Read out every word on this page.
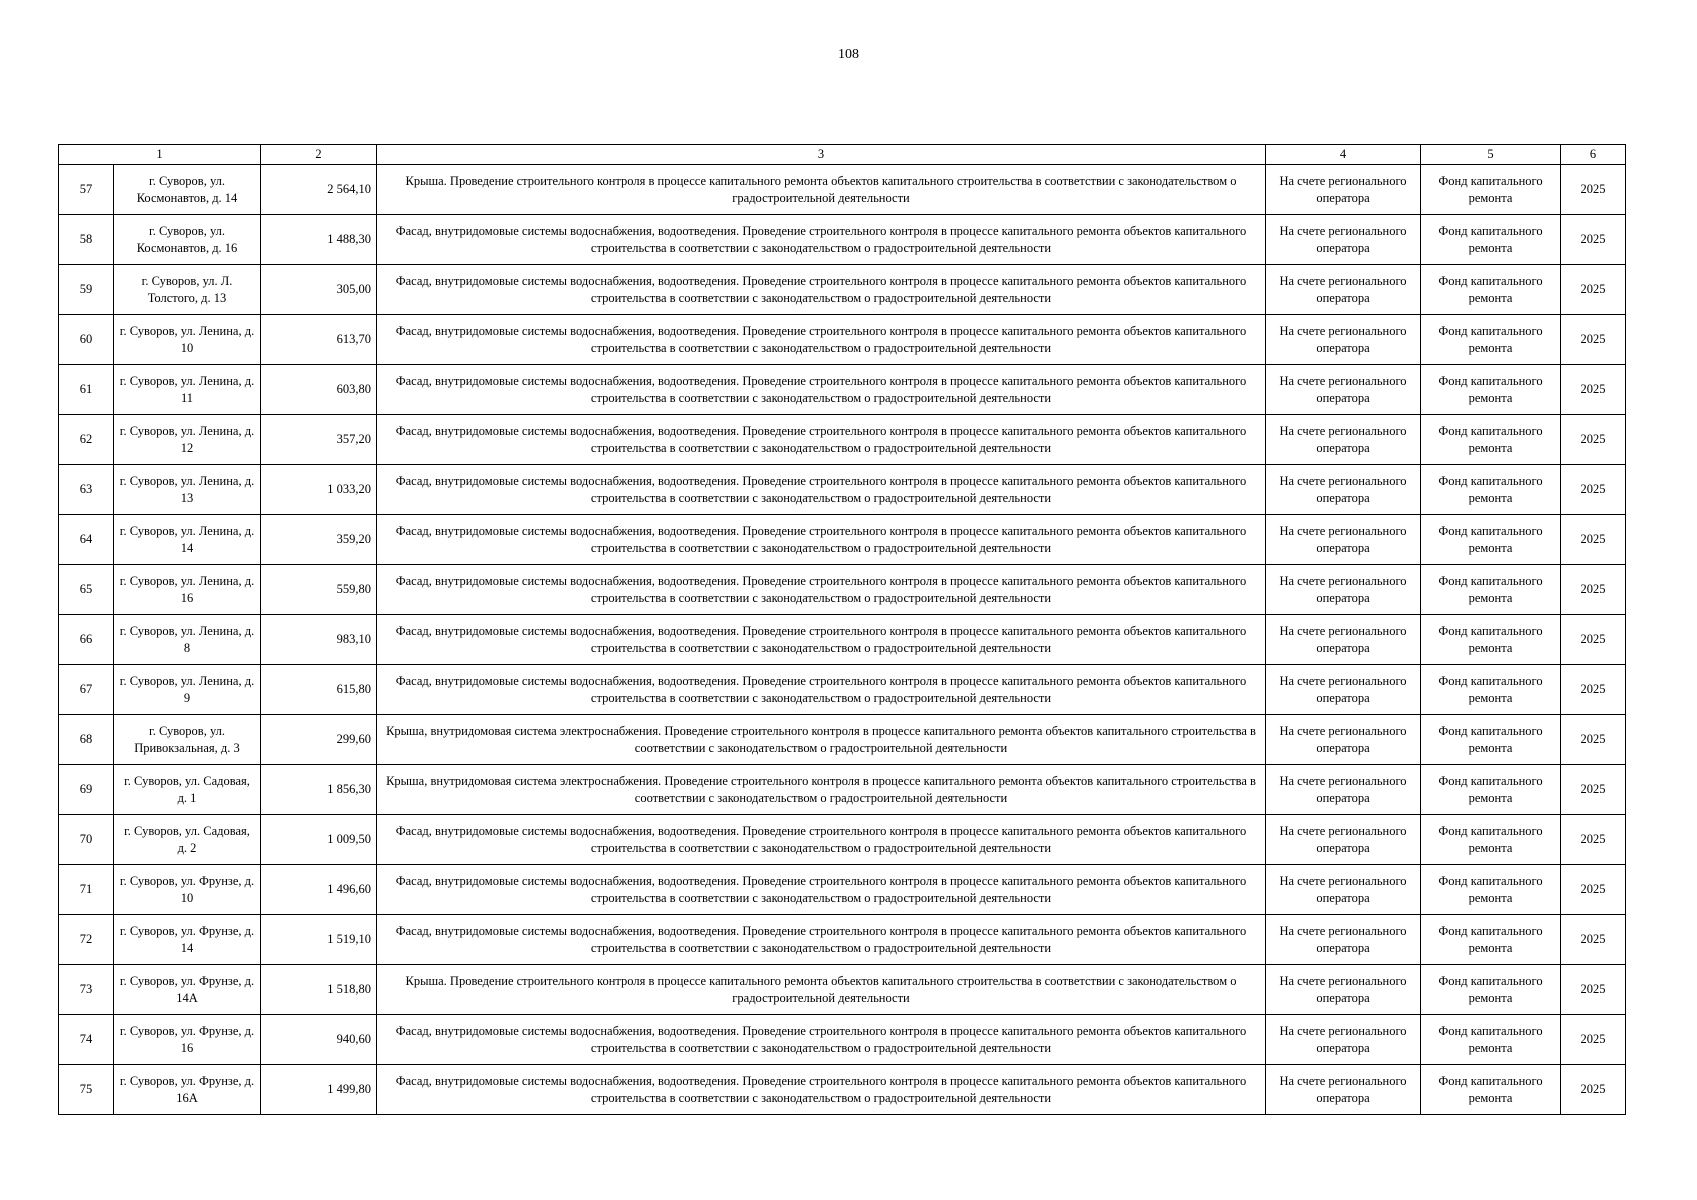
108
1		2	3	4	5	6
57	г. Суворов, ул. Космонавтов, д. 14	2 564,10	Крыша. Проведение строительного контроля в процессе капитального ремонта объектов капитального строительства в соответствии с законодательством о градостроительной деятельности	На счете регионального оператора	Фонд капитального ремонта	2025
58	г. Суворов, ул. Космонавтов, д. 16	1 488,30	Фасад, внутридомовые системы водоснабжения, водоотведения. Проведение строительного контроля в процессе капитального ремонта объектов капитального строительства в соответствии с законодательством о градостроительной деятельности	На счете регионального оператора	Фонд капитального ремонта	2025
59	г. Суворов, ул. Л. Толстого, д. 13	305,00	Фасад, внутридомовые системы водоснабжения, водоотведения. Проведение строительного контроля в процессе капитального ремонта объектов капитального строительства в соответствии с законодательством о градостроительной деятельности	На счете регионального оператора	Фонд капитального ремонта	2025
60	г. Суворов, ул. Ленина, д. 10	613,70	Фасад, внутридомовые системы водоснабжения, водоотведения. Проведение строительного контроля в процессе капитального ремонта объектов капитального строительства в соответствии с законодательством о градостроительной деятельности	На счете регионального оператора	Фонд капитального ремонта	2025
61	г. Суворов, ул. Ленина, д. 11	603,80	Фасад, внутридомовые системы водоснабжения, водоотведения. Проведение строительного контроля в процессе капитального ремонта объектов капитального строительства в соответствии с законодательством о градостроительной деятельности	На счете регионального оператора	Фонд капитального ремонта	2025
62	г. Суворов, ул. Ленина, д. 12	357,20	Фасад, внутридомовые системы водоснабжения, водоотведения. Проведение строительного контроля в процессе капитального ремонта объектов капитального строительства в соответствии с законодательством о градостроительной деятельности	На счете регионального оператора	Фонд капитального ремонта	2025
63	г. Суворов, ул. Ленина, д. 13	1 033,20	Фасад, внутридомовые системы водоснабжения, водоотведения. Проведение строительного контроля в процессе капитального ремонта объектов капитального строительства в соответствии с законодательством о градостроительной деятельности	На счете регионального оператора	Фонд капитального ремонта	2025
64	г. Суворов, ул. Ленина, д. 14	359,20	Фасад, внутридомовые системы водоснабжения, водоотведения. Проведение строительного контроля в процессе капитального ремонта объектов капитального строительства в соответствии с законодательством о градостроительной деятельности	На счете регионального оператора	Фонд капитального ремонта	2025
65	г. Суворов, ул. Ленина, д. 16	559,80	Фасад, внутридомовые системы водоснабжения, водоотведения. Проведение строительного контроля в процессе капитального ремонта объектов капитального строительства в соответствии с законодательством о градостроительной деятельности	На счете регионального оператора	Фонд капитального ремонта	2025
66	г. Суворов, ул. Ленина, д. 8	983,10	Фасад, внутридомовые системы водоснабжения, водоотведения. Проведение строительного контроля в процессе капитального ремонта объектов капитального строительства в соответствии с законодательством о градостроительной деятельности	На счете регионального оператора	Фонд капитального ремонта	2025
67	г. Суворов, ул. Ленина, д. 9	615,80	Фасад, внутридомовые системы водоснабжения, водоотведения. Проведение строительного контроля в процессе капитального ремонта объектов капитального строительства в соответствии с законодательством о градостроительной деятельности	На счете регионального оператора	Фонд капитального ремонта	2025
68	г. Суворов, ул. Привокзальная, д. 3	299,60	Крыша, внутридомовая система электроснабжения. Проведение строительного контроля в процессе капитального ремонта объектов капитального строительства в соответствии с законодательством о градостроительной деятельности	На счете регионального оператора	Фонд капитального ремонта	2025
69	г. Суворов, ул. Садовая, д. 1	1 856,30	Крыша, внутридомовая система электроснабжения. Проведение строительного контроля в процессе капитального ремонта объектов капитального строительства в соответствии с законодательством о градостроительной деятельности	На счете регионального оператора	Фонд капитального ремонта	2025
70	г. Суворов, ул. Садовая, д. 2	1 009,50	Фасад, внутридомовые системы водоснабжения, водоотведения. Проведение строительного контроля в процессе капитального ремонта объектов капитального строительства в соответствии с законодательством о градостроительной деятельности	На счете регионального оператора	Фонд капитального ремонта	2025
71	г. Суворов, ул. Фрунзе, д. 10	1 496,60	Фасад, внутридомовые системы водоснабжения, водоотведения. Проведение строительного контроля в процессе капитального ремонта объектов капитального строительства в соответствии с законодательством о градостроительной деятельности	На счете регионального оператора	Фонд капитального ремонта	2025
72	г. Суворов, ул. Фрунзе, д. 14	1 519,10	Фасад, внутридомовые системы водоснабжения, водоотведения. Проведение строительного контроля в процессе капитального ремонта объектов капитального строительства в соответствии с законодательством о градостроительной деятельности	На счете регионального оператора	Фонд капитального ремонта	2025
73	г. Суворов, ул. Фрунзе, д. 14А	1 518,80	Крыша. Проведение строительного контроля в процессе капитального ремонта объектов капитального строительства в соответствии с законодательством о градостроительной деятельности	На счете регионального оператора	Фонд капитального ремонта	2025
74	г. Суворов, ул. Фрунзе, д. 16	940,60	Фасад, внутридомовые системы водоснабжения, водоотведения. Проведение строительного контроля в процессе капитального ремонта объектов капитального строительства в соответствии с законодательством о градостроительной деятельности	На счете регионального оператора	Фонд капитального ремонта	2025
75	г. Суворов, ул. Фрунзе, д. 16А	1 499,80	Фасад, внутридомовые системы водоснабжения, водоотведения. Проведение строительного контроля в процессе капитального ремонта объектов капитального строительства в соответствии с законодательством о градостроительной деятельности	На счете регионального оператора	Фонд капитального ремонта	2025
